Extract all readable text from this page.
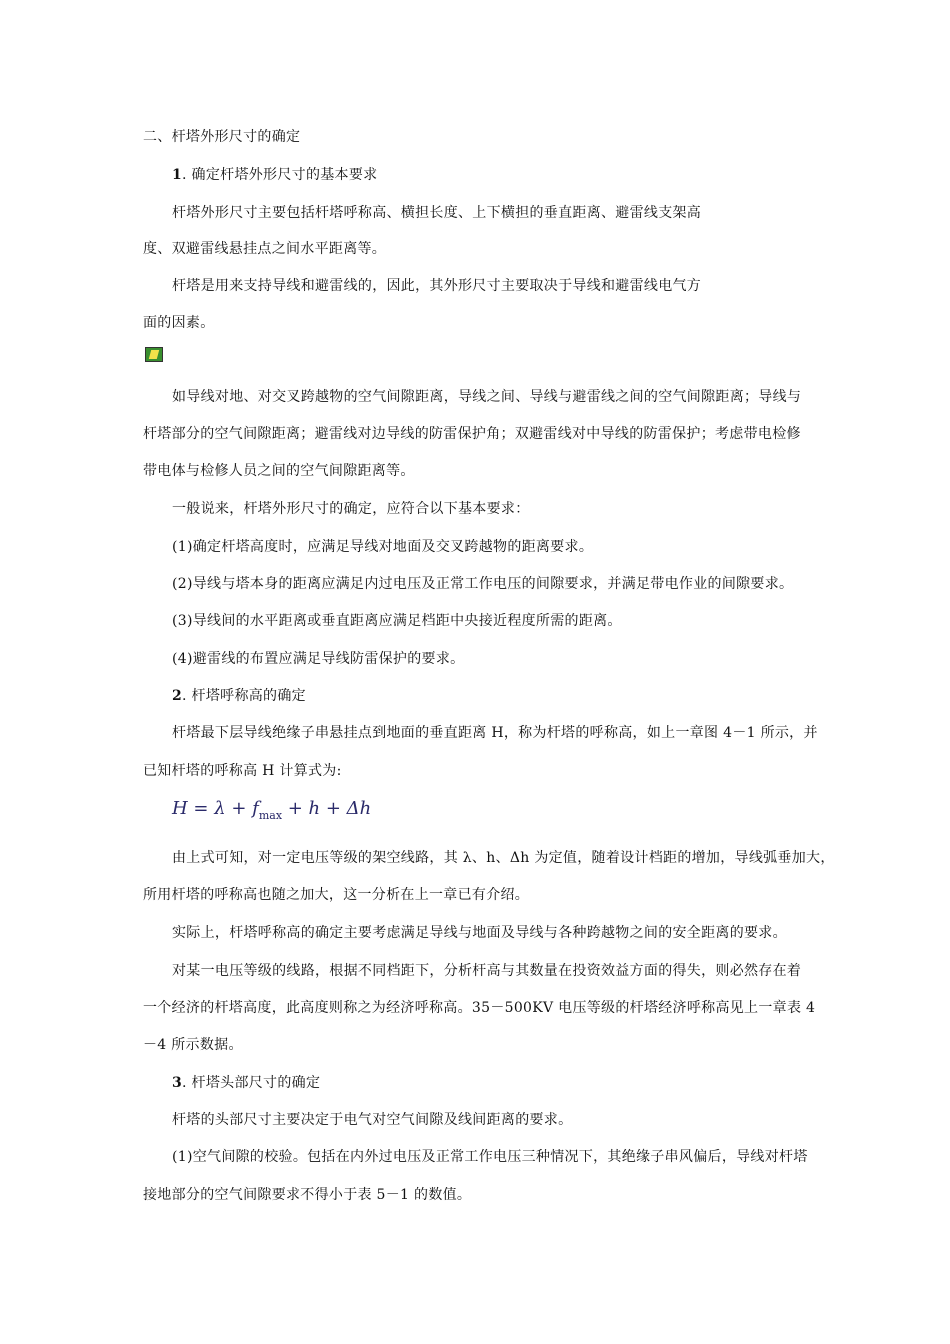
二、杆塔外形尺寸的确定
1. 确定杆塔外形尺寸的基本要求
杆塔外形尺寸主要包括杆塔呼称高、横担长度、上下横担的垂直距离、避雷线支架高
度、双避雷线悬挂点之间水平距离等。
杆塔是用来支持导线和避雷线的，因此，其外形尺寸主要取决于导线和避雷线电气方
面的因素。
如导线对地、对交叉跨越物的空气间隙距离，导线之间、导线与避雷线之间的空气间隙距离；导线与
杆塔部分的空气间隙距离；避雷线对边导线的防雷保护角；双避雷线对中导线的防雷保护；考虑带电检修
带电体与检修人员之间的空气间隙距离等。
一般说来，杆塔外形尺寸的确定，应符合以下基本要求：
(1)确定杆塔高度时，应满足导线对地面及交叉跨越物的距离要求。
(2)导线与塔本身的距离应满足内过电压及正常工作电压的间隙要求，并满足带电作业的间隙要求。
(3)导线间的水平距离或垂直距离应满足档距中央接近程度所需的距离。
(4)避雷线的布置应满足导线防雷保护的要求。
2. 杆塔呼称高的确定
杆塔最下层导线绝缘子串悬挂点到地面的垂直距离 H，称为杆塔的呼称高，如上一章图 4－1 所示，并
已知杆塔的呼称高 H 计算式为:
$H = \lambda + f_{max} + h + \Delta h$
由上式可知，对一定电压等级的架空线路，其 λ、h、Δh 为定值，随着设计档距的增加，导线弧垂加大，
所用杆塔的呼称高也随之加大，这一分析在上一章已有介绍。
实际上，杆塔呼称高的确定主要考虑满足导线与地面及导线与各种跨越物之间的安全距离的要求。
对某一电压等级的线路，根据不同档距下，分析杆高与其数量在投资效益方面的得失，则必然存在着
一个经济的杆塔高度，此高度则称之为经济呼称高。35－500KV 电压等级的杆塔经济呼称高见上一章表 4
－4 所示数据。
3. 杆塔头部尺寸的确定
杆塔的头部尺寸主要决定于电气对空气间隙及线间距离的要求。
(1)空气间隙的校验。包括在内外过电压及正常工作电压三种情况下，其绝缘子串风偏后，导线对杆塔
接地部分的空气间隙要求不得小于表 5－1 的数值。
